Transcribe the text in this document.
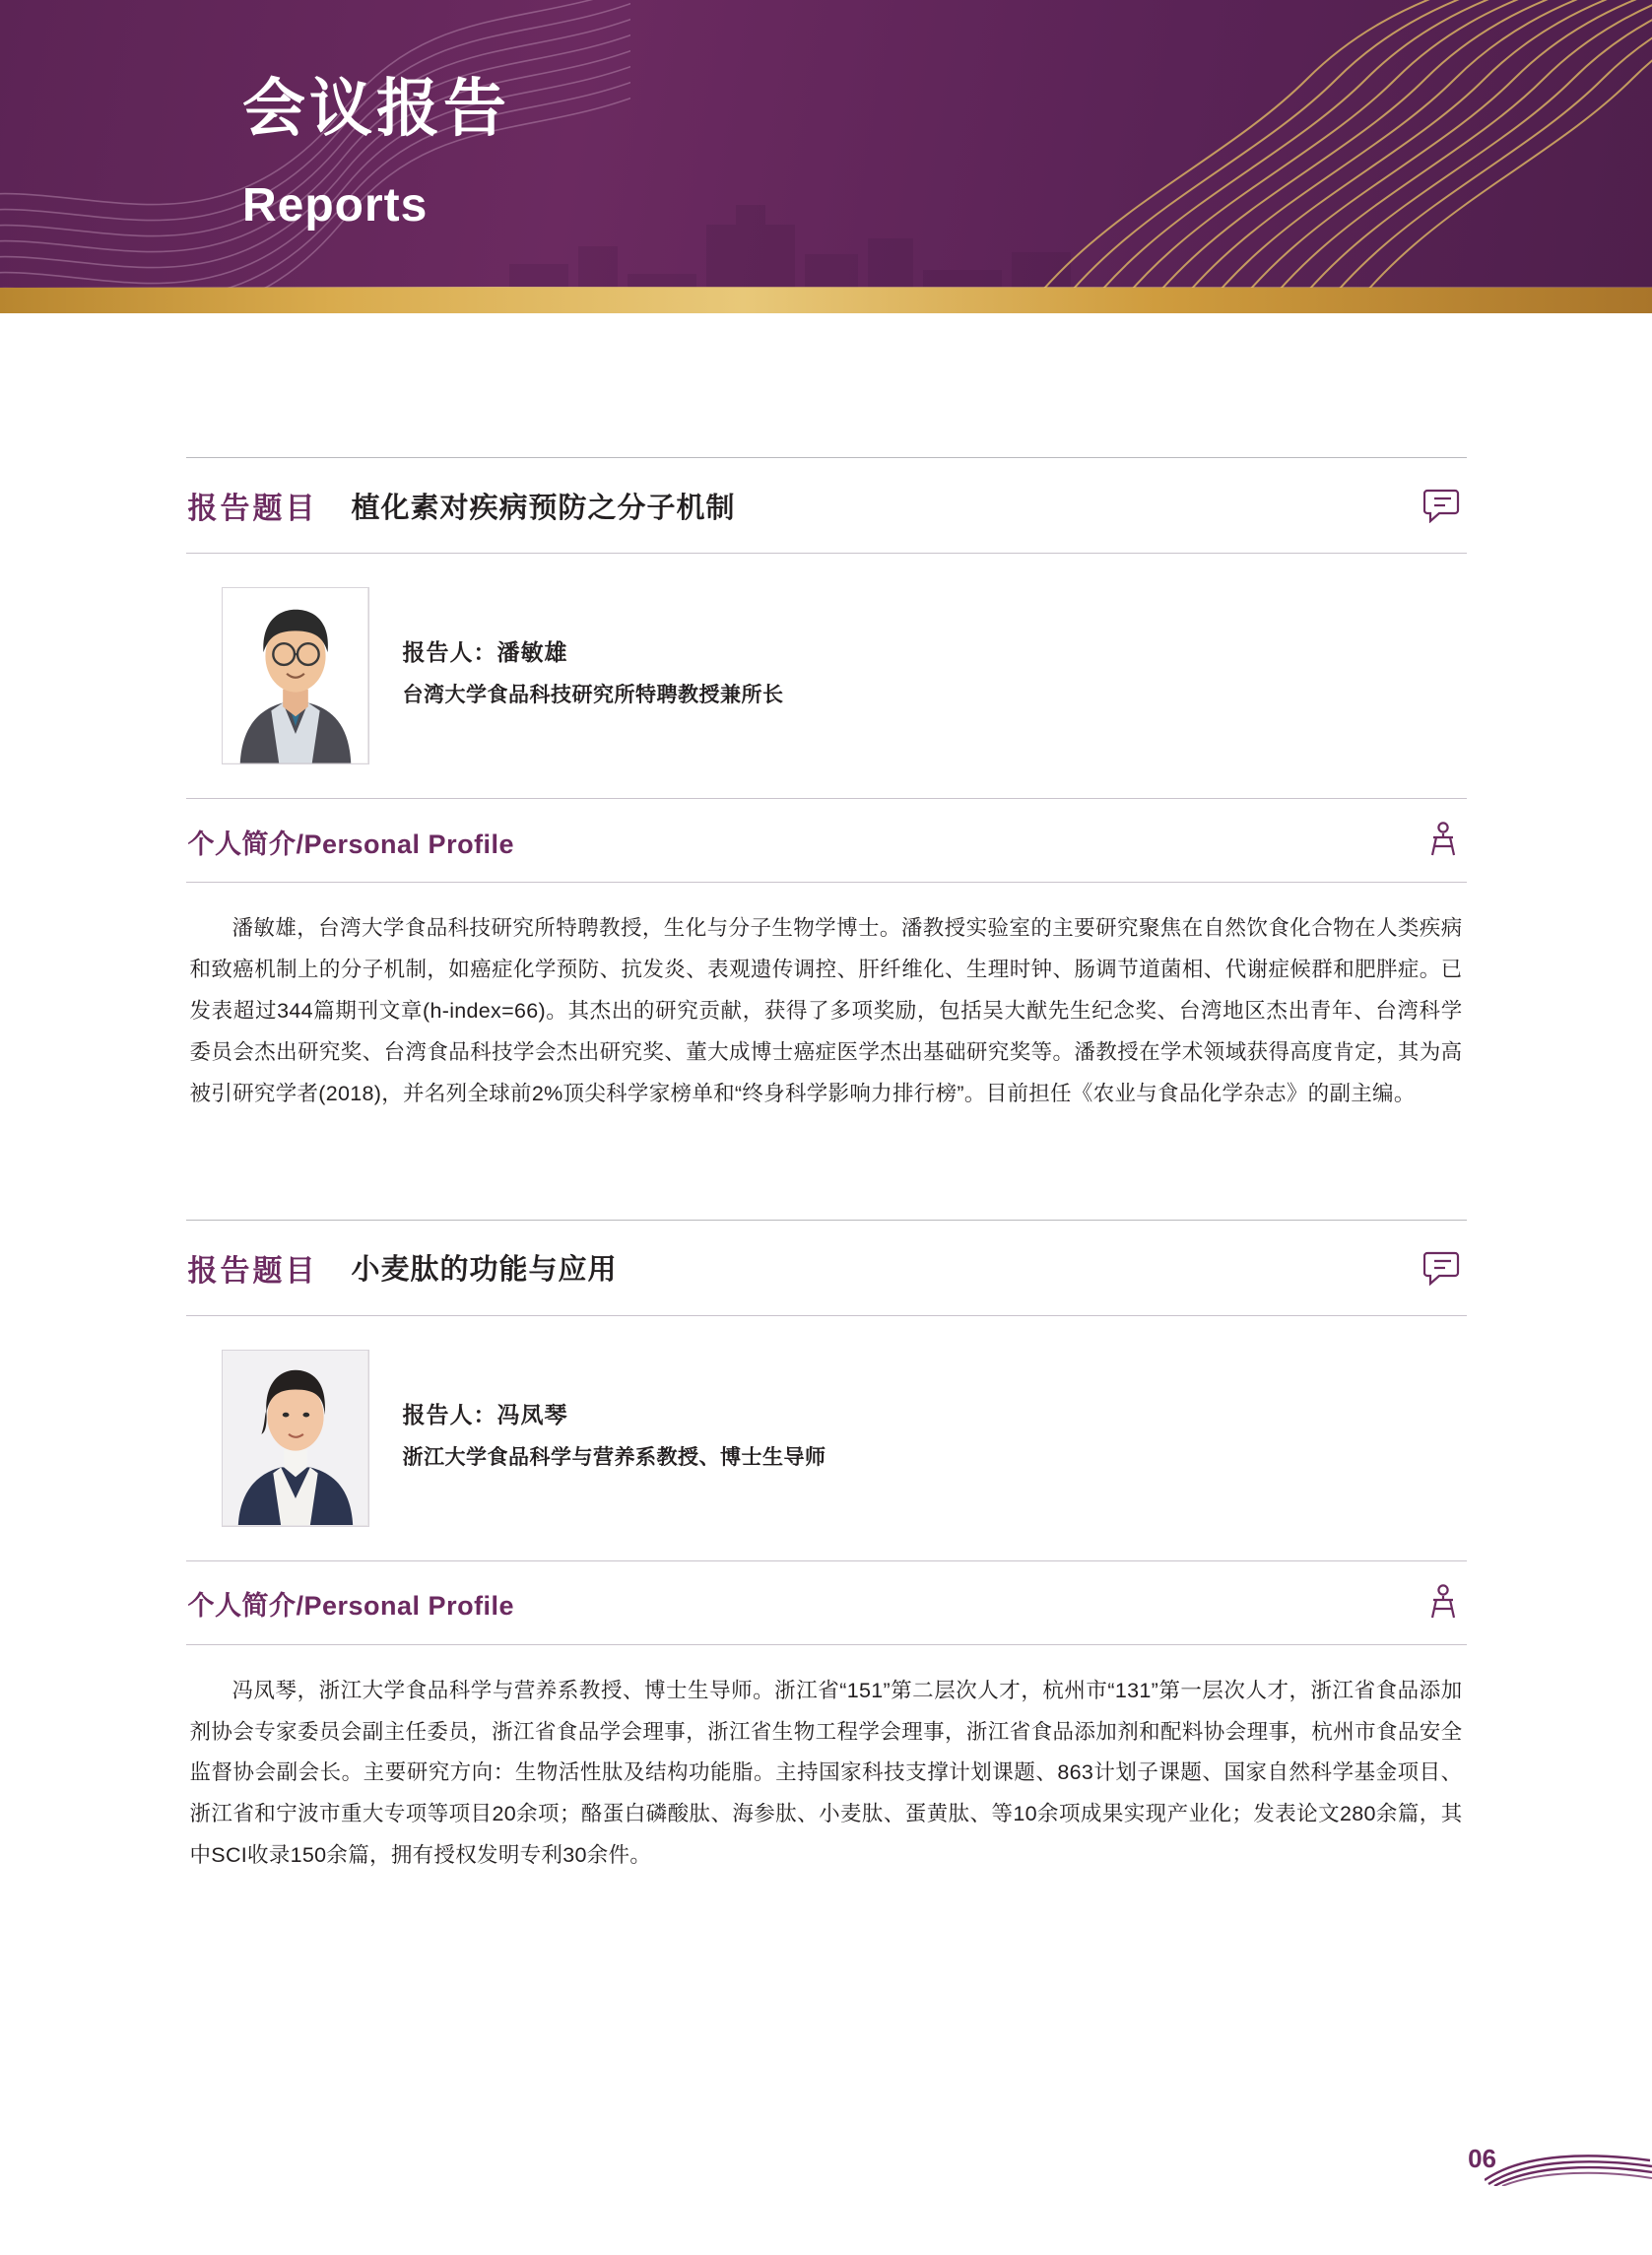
会议报告
Reports
报告题目 植化素对疾病预防之分子机制
报告人：潘敏雄
台湾大学食品科技研究所特聘教授兼所长
个人简介/Personal Profile

潘敏雄，台湾大学食品科技研究所特聘教授，生化与分子生物学博士。潘教授实验室的主要研究聚焦在自然饮食化合物在人类疾病和致癌机制上的分子机制，如癌症化学预防、抗发炎、表观遗传调控、肝纤维化、生理时钟、肠调节道菌相、代谢症候群和肥胖症。已发表超过344篇期刊文章(h-index=66)。其杰出的研究贡献，获得了多项奖励，包括吴大猷先生纪念奖、台湾地区杰出青年、台湾科学委员会杰出研究奖、台湾食品科技学会杰出研究奖、董大成博士癌症医学杰出基础研究奖等。潘教授在学术领域获得高度肯定，其为高被引研究学者(2018)，并名列全球前2%顶尖科学家榜单和“终身科学影响力排行榜”。目前担任《农业与食品化学杂志》的副主编。

报告题目 小麦肽的功能与应用
报告人：冯凤琴
浙江大学食品科学与营养系教授、博士生导师
个人简介/Personal Profile

冯凤琴，浙江大学食品科学与营养系教授、博士生导师。浙江省“151”第二层次人才，杭州市“131”第一层次人才，浙江省食品添加剂协会专家委员会副主任委员，浙江省食品学会理事，浙江省生物工程学会理事，浙江省食品添加剂和配料协会理事，杭州市食品安全监督协会副会长。主要研究方向：生物活性肽及结构功能脂。主持国家科技支撑计划课题、863计划子课题、国家自然科学基金项目、浙江省和宁波市重大专项等项目20余项；酪蛋白磷酸肽、海参肽、小麦肽、蛋黄肽、等10余项成果实现产业化；发表论文280余篇，其中SCI收录150余篇，拥有授权发明专利30余件。

06
